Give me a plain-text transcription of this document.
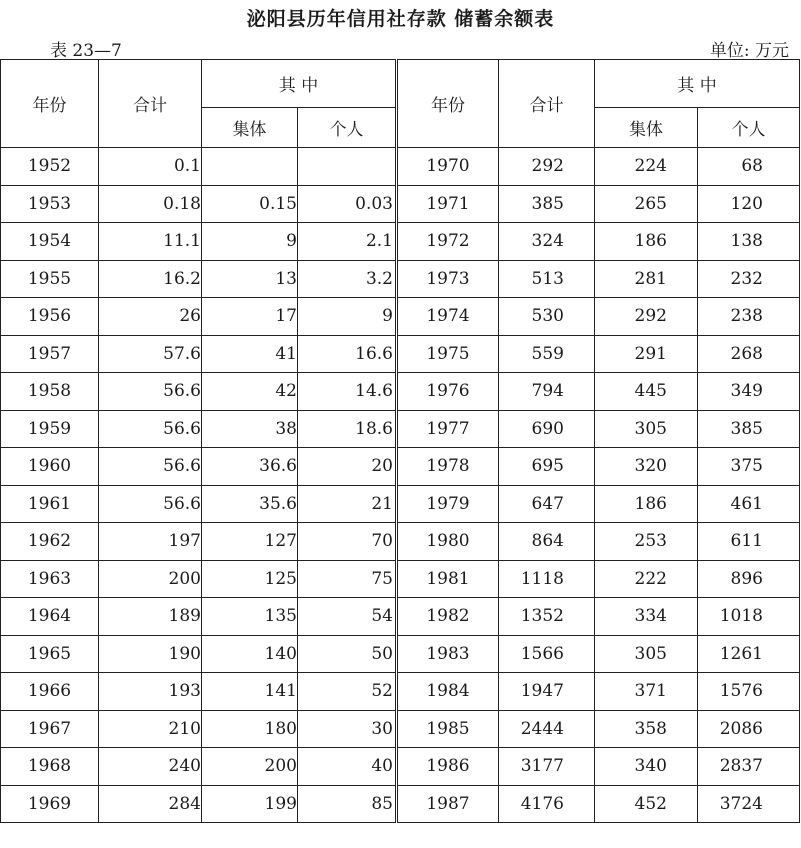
泌阳县历年信用社存款 储蓄余额表
表 23—7	单位: 万元
年份	合计	其 中		年份	合计	其 中	
		集体	个人			集体	个人
1952	0.1			1970	292	224	68
1953	0.18	0.15	0.03	1971	385	265	120
1954	11.1	9	2.1	1972	324	186	138
1955	16.2	13	3.2	1973	513	281	232
1956	26	17	9	1974	530	292	238
1957	57.6	41	16.6	1975	559	291	268
1958	56.6	42	14.6	1976	794	445	349
1959	56.6	38	18.6	1977	690	305	385
1960	56.6	36.6	20	1978	695	320	375
1961	56.6	35.6	21	1979	647	186	461
1962	197	127	70	1980	864	253	611
1963	200	125	75	1981	1118	222	896
1964	189	135	54	1982	1352	334	1018
1965	190	140	50	1983	1566	305	1261
1966	193	141	52	1984	1947	371	1576
1967	210	180	30	1985	2444	358	2086
1968	240	200	40	1986	3177	340	2837
1969	284	199	85	1987	4176	452	3724
